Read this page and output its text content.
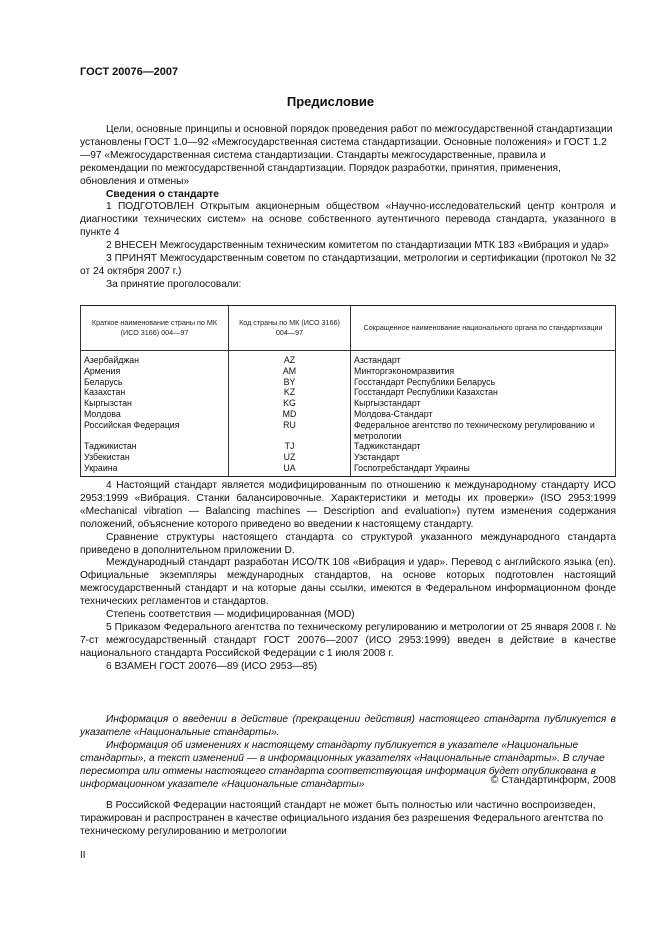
ГОСТ 20076—2007
Предисловие

Цели, основные принципы и основной порядок проведения работ по межгосударственной стандартизации установлены ГОСТ 1.0—92 «Межгосударственная система стандартизации. Основные положения» и ГОСТ 1.2—97 «Межгосударственная система стандартизации. Стандарты межгосударственные, правила и рекомендации по межгосударственной стандартизации. Порядок разработки, принятия, применения, обновления и отмены»

Сведения о стандарте

1 ПОДГОТОВЛЕН Открытым акционерным обществом «Научно-исследовательский центр контроля и диагностики технических систем» на основе собственного аутентичного перевода стандарта, указанного в пункте 4

2 ВНЕСЕН Межгосударственным техническим комитетом по стандартизации МТК 183 «Вибрация и удар»

3 ПРИНЯТ Межгосударственным советом по стандартизации, метрологии и сертификации (протокол № 32 от 24 октября 2007 г.)

За принятие проголосовали:

Краткое наименование страны по МК (ИСО 3166) 004—97	Код страны по МК (ИСО 3166) 004—97	Сокращенное наименование национального органа по стандартизации
Азербайджан	AZ	Азстандарт
Армения	AM	Минторгэкономразвития
Беларусь	BY	Госстандарт Республики Беларусь
Казахстан	KZ	Госстандарт Республики Казахстан
Кыргызстан	KG	Кыргызстандарт
Молдова	MD	Молдова-Стандарт
Российская Федерация	RU	Федеральное агентство по техническому регулированию и метрологии
Таджикистан	TJ	Таджикстандарт
Узбекистан	UZ	Узстандарт
Украина	UA	Госпотребстандарт Украины

4 Настоящий стандарт является модифицированным по отношению к международному стандарту ИСО 2953:1999 «Вибрация. Станки балансировочные. Характеристики и методы их проверки» (ISO 2953:1999 «Mechanical vibration — Balancing machines — Description and evaluation») путем изменения содержания положений, объяснение которого приведено во введении к настоящему стандарту.

Сравнение структуры настоящего стандарта со структурой указанного международного стандарта приведено в дополнительном приложении D.

Международный стандарт разработан ИСО/ТК 108 «Вибрация и удар». Перевод с английского языка (en). Официальные экземпляры международных стандартов, на основе которых подготовлен настоящий межгосударственный стандарт и на которые даны ссылки, имеются в Федеральном информационном фонде технических регламентов и стандартов.

Степень соответствия — модифицированная (MOD)

5 Приказом Федерального агентства по техническому регулированию и метрологии от 25 января 2008 г. № 7-ст межгосударственный стандарт ГОСТ 20076—2007 (ИСО 2953:1999) введен в действие в качестве национального стандарта Российской Федерации с 1 июля 2008 г.

6 ВЗАМЕН ГОСТ 20076—89 (ИСО 2953—85)

Информация о введении в действие (прекращении действия) настоящего стандарта публикуется в указателе «Национальные стандарты».

Информация об изменениях к настоящему стандарту публикуется в указателе «Национальные стандарты», а текст изменений — в информационных указателях «Национальные стандарты». В случае пересмотра или отмены настоящего стандарта соответствующая информация будет опубликована в информационном указателе «Национальные стандарты»	© Стандартинформ, 2008

В Российской Федерации настоящий стандарт не может быть полностью или частично воспроизведен, тиражирован и распространен в качестве официального издания без разрешения Федерального агентства по техническому регулированию и метрологии

II
